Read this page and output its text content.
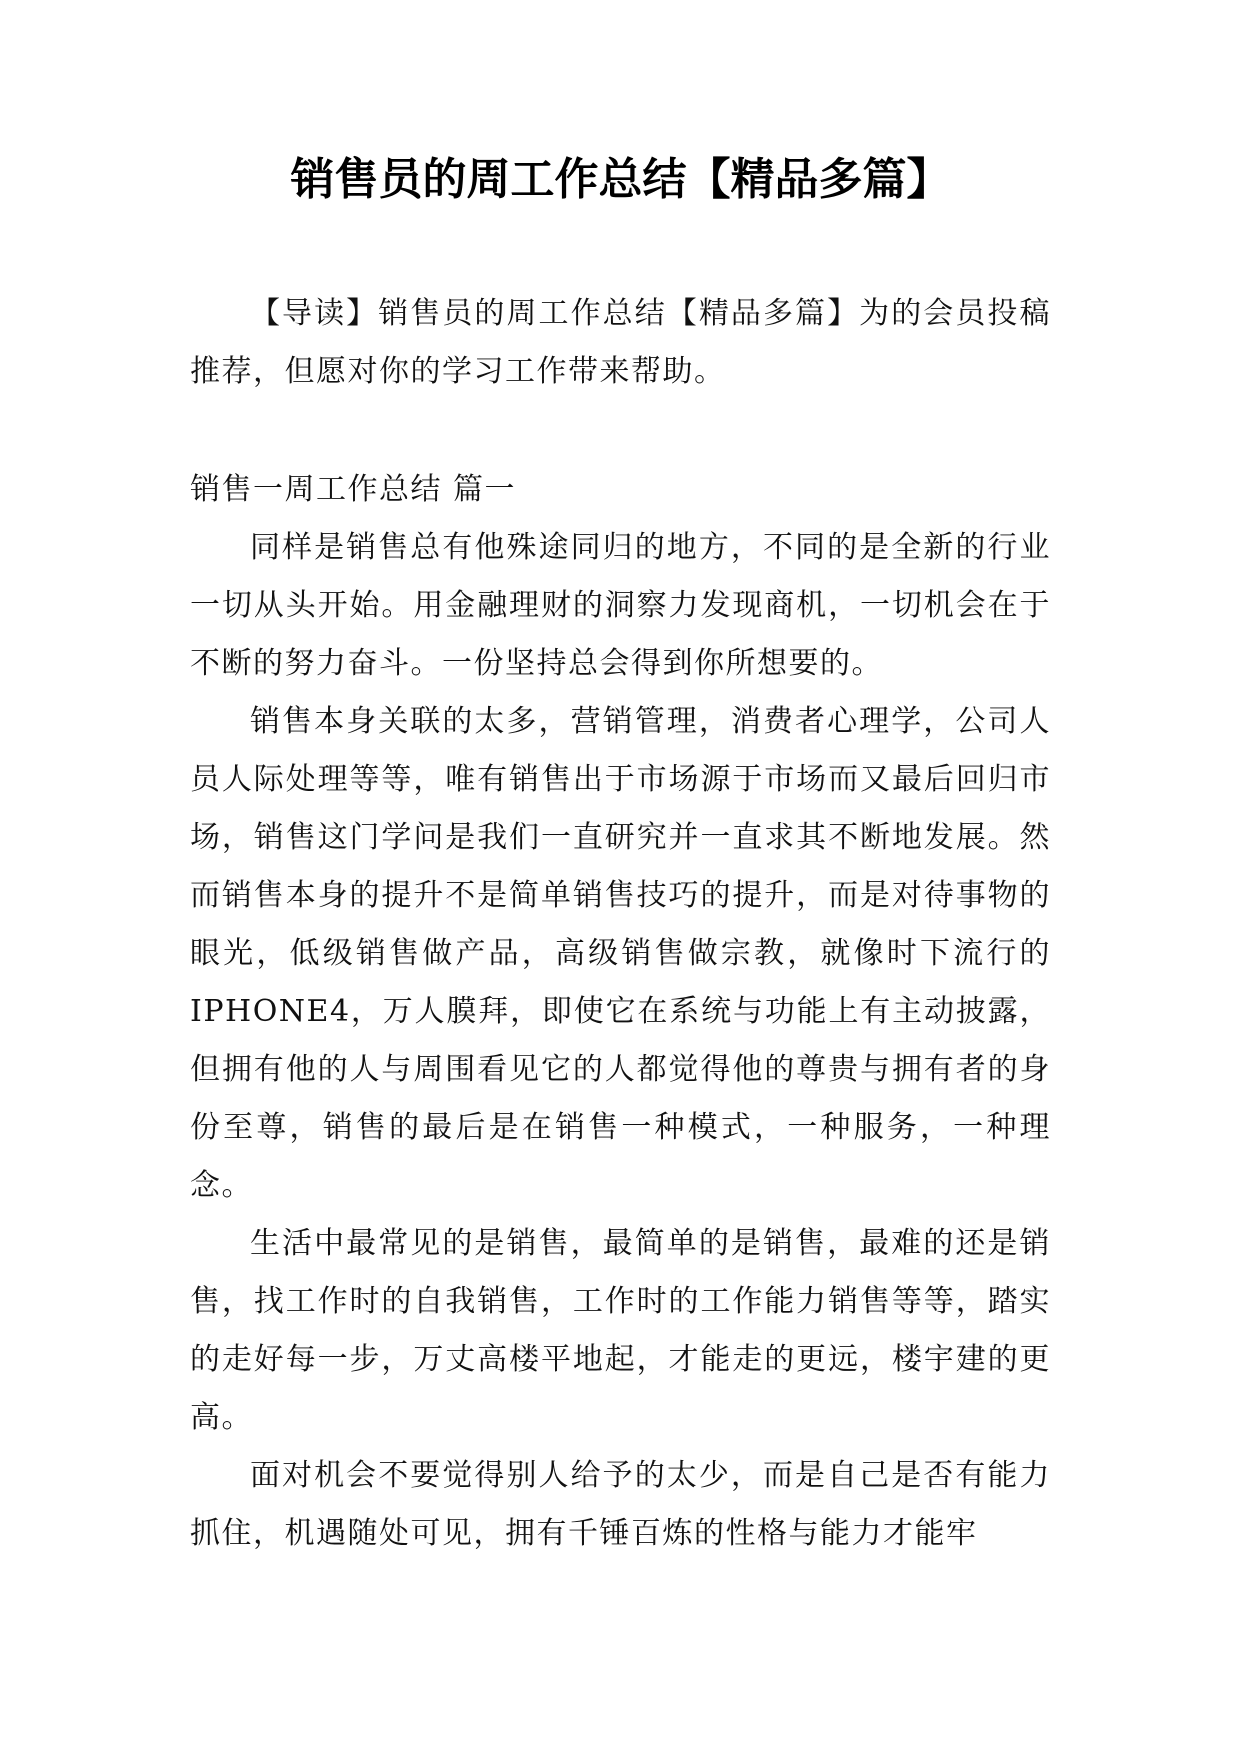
销售员的周工作总结【精品多篇】

【导读】销售员的周工作总结【精品多篇】为的会员投稿推荐，但愿对你的学习工作带来帮助。

销售一周工作总结 篇一

同样是销售总有他殊途同归的地方，不同的是全新的行业一切从头开始。用金融理财的洞察力发现商机，一切机会在于不断的努力奋斗。一份坚持总会得到你所想要的。

销售本身关联的太多，营销管理，消费者心理学，公司人员人际处理等等，唯有销售出于市场源于市场而又最后回归市场，销售这门学问是我们一直研究并一直求其不断地发展。然而销售本身的提升不是简单销售技巧的提升，而是对待事物的眼光，低级销售做产品，高级销售做宗教，就像时下流行的IPHONE4，万人膜拜，即使它在系统与功能上有主动披露，但拥有他的人与周围看见它的人都觉得他的尊贵与拥有者的身份至尊，销售的最后是在销售一种模式，一种服务，一种理念。

生活中最常见的是销售，最简单的是销售，最难的还是销售，找工作时的自我销售，工作时的工作能力销售等等，踏实的走好每一步，万丈高楼平地起，才能走的更远，楼宇建的更高。

面对机会不要觉得别人给予的太少，而是自己是否有能力抓住，机遇随处可见，拥有千锤百炼的性格与能力才能牢
